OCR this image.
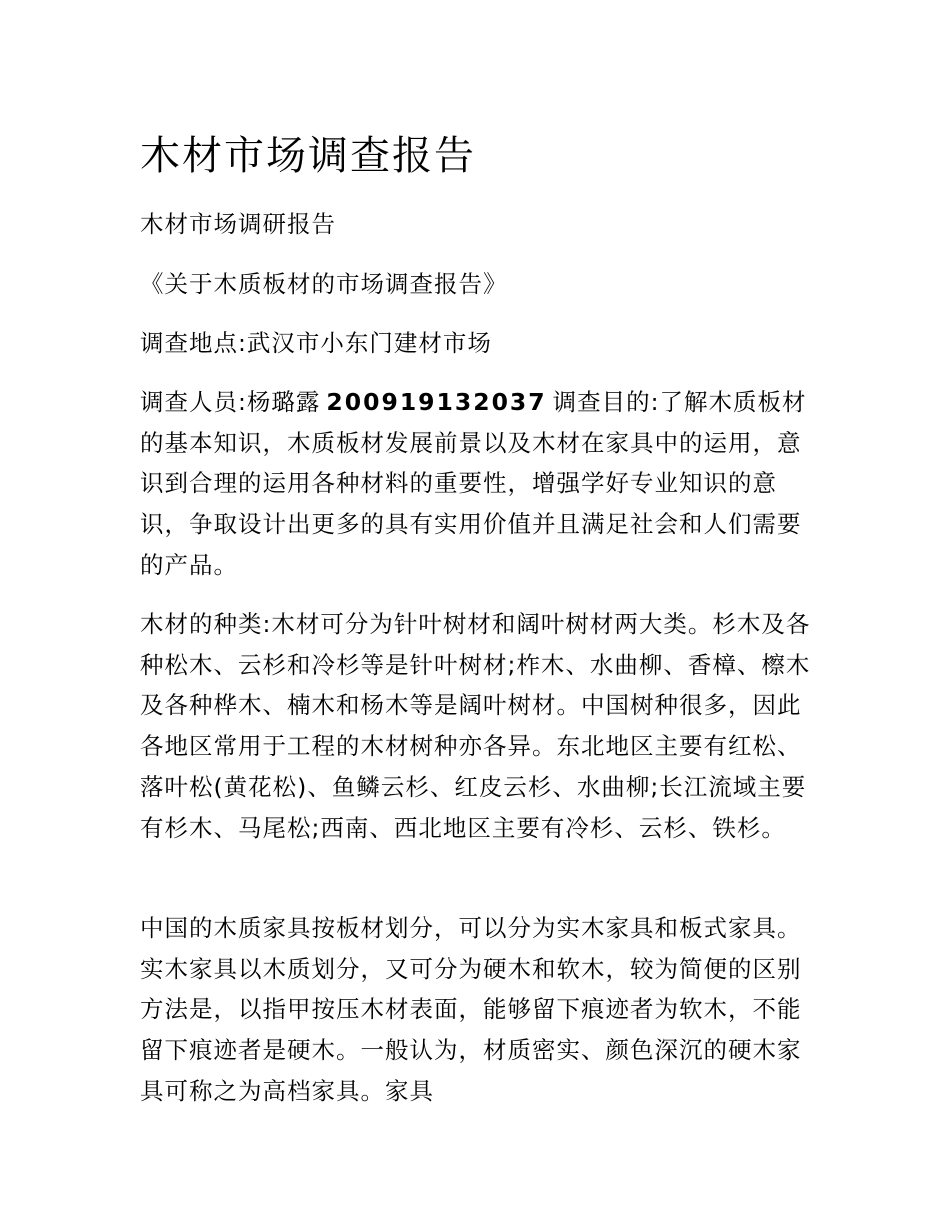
木材市场调查报告

木材市场调研报告

《关于木质板材的市场调查报告》

调查地点:武汉市小东门建材市场

调查人员:杨璐露 200919132037 调查目的:了解木质板材的基本知识，木质板材发展前景以及木材在家具中的运用，意识到合理的运用各种材料的重要性，增强学好专业知识的意识，争取设计出更多的具有实用价值并且满足社会和人们需要的产品。

木材的种类:木材可分为针叶树材和阔叶树材两大类。杉木及各种松木、云杉和冷杉等是针叶树材;柞木、水曲柳、香樟、檫木及各种桦木、楠木和杨木等是阔叶树材。中国树种很多，因此各地区常用于工程的木材树种亦各异。东北地区主要有红松、落叶松(黄花松)、鱼鳞云杉、红皮云杉、水曲柳;长江流域主要有杉木、马尾松;西南、西北地区主要有冷杉、云杉、铁杉。

中国的木质家具按板材划分，可以分为实木家具和板式家具。实木家具以木质划分，又可分为硬木和软木，较为简便的区别方法是，以指甲按压木材表面，能够留下痕迹者为软木，不能留下痕迹者是硬木。一般认为，材质密实、颜色深沉的硬木家具可称之为高档家具。家具
